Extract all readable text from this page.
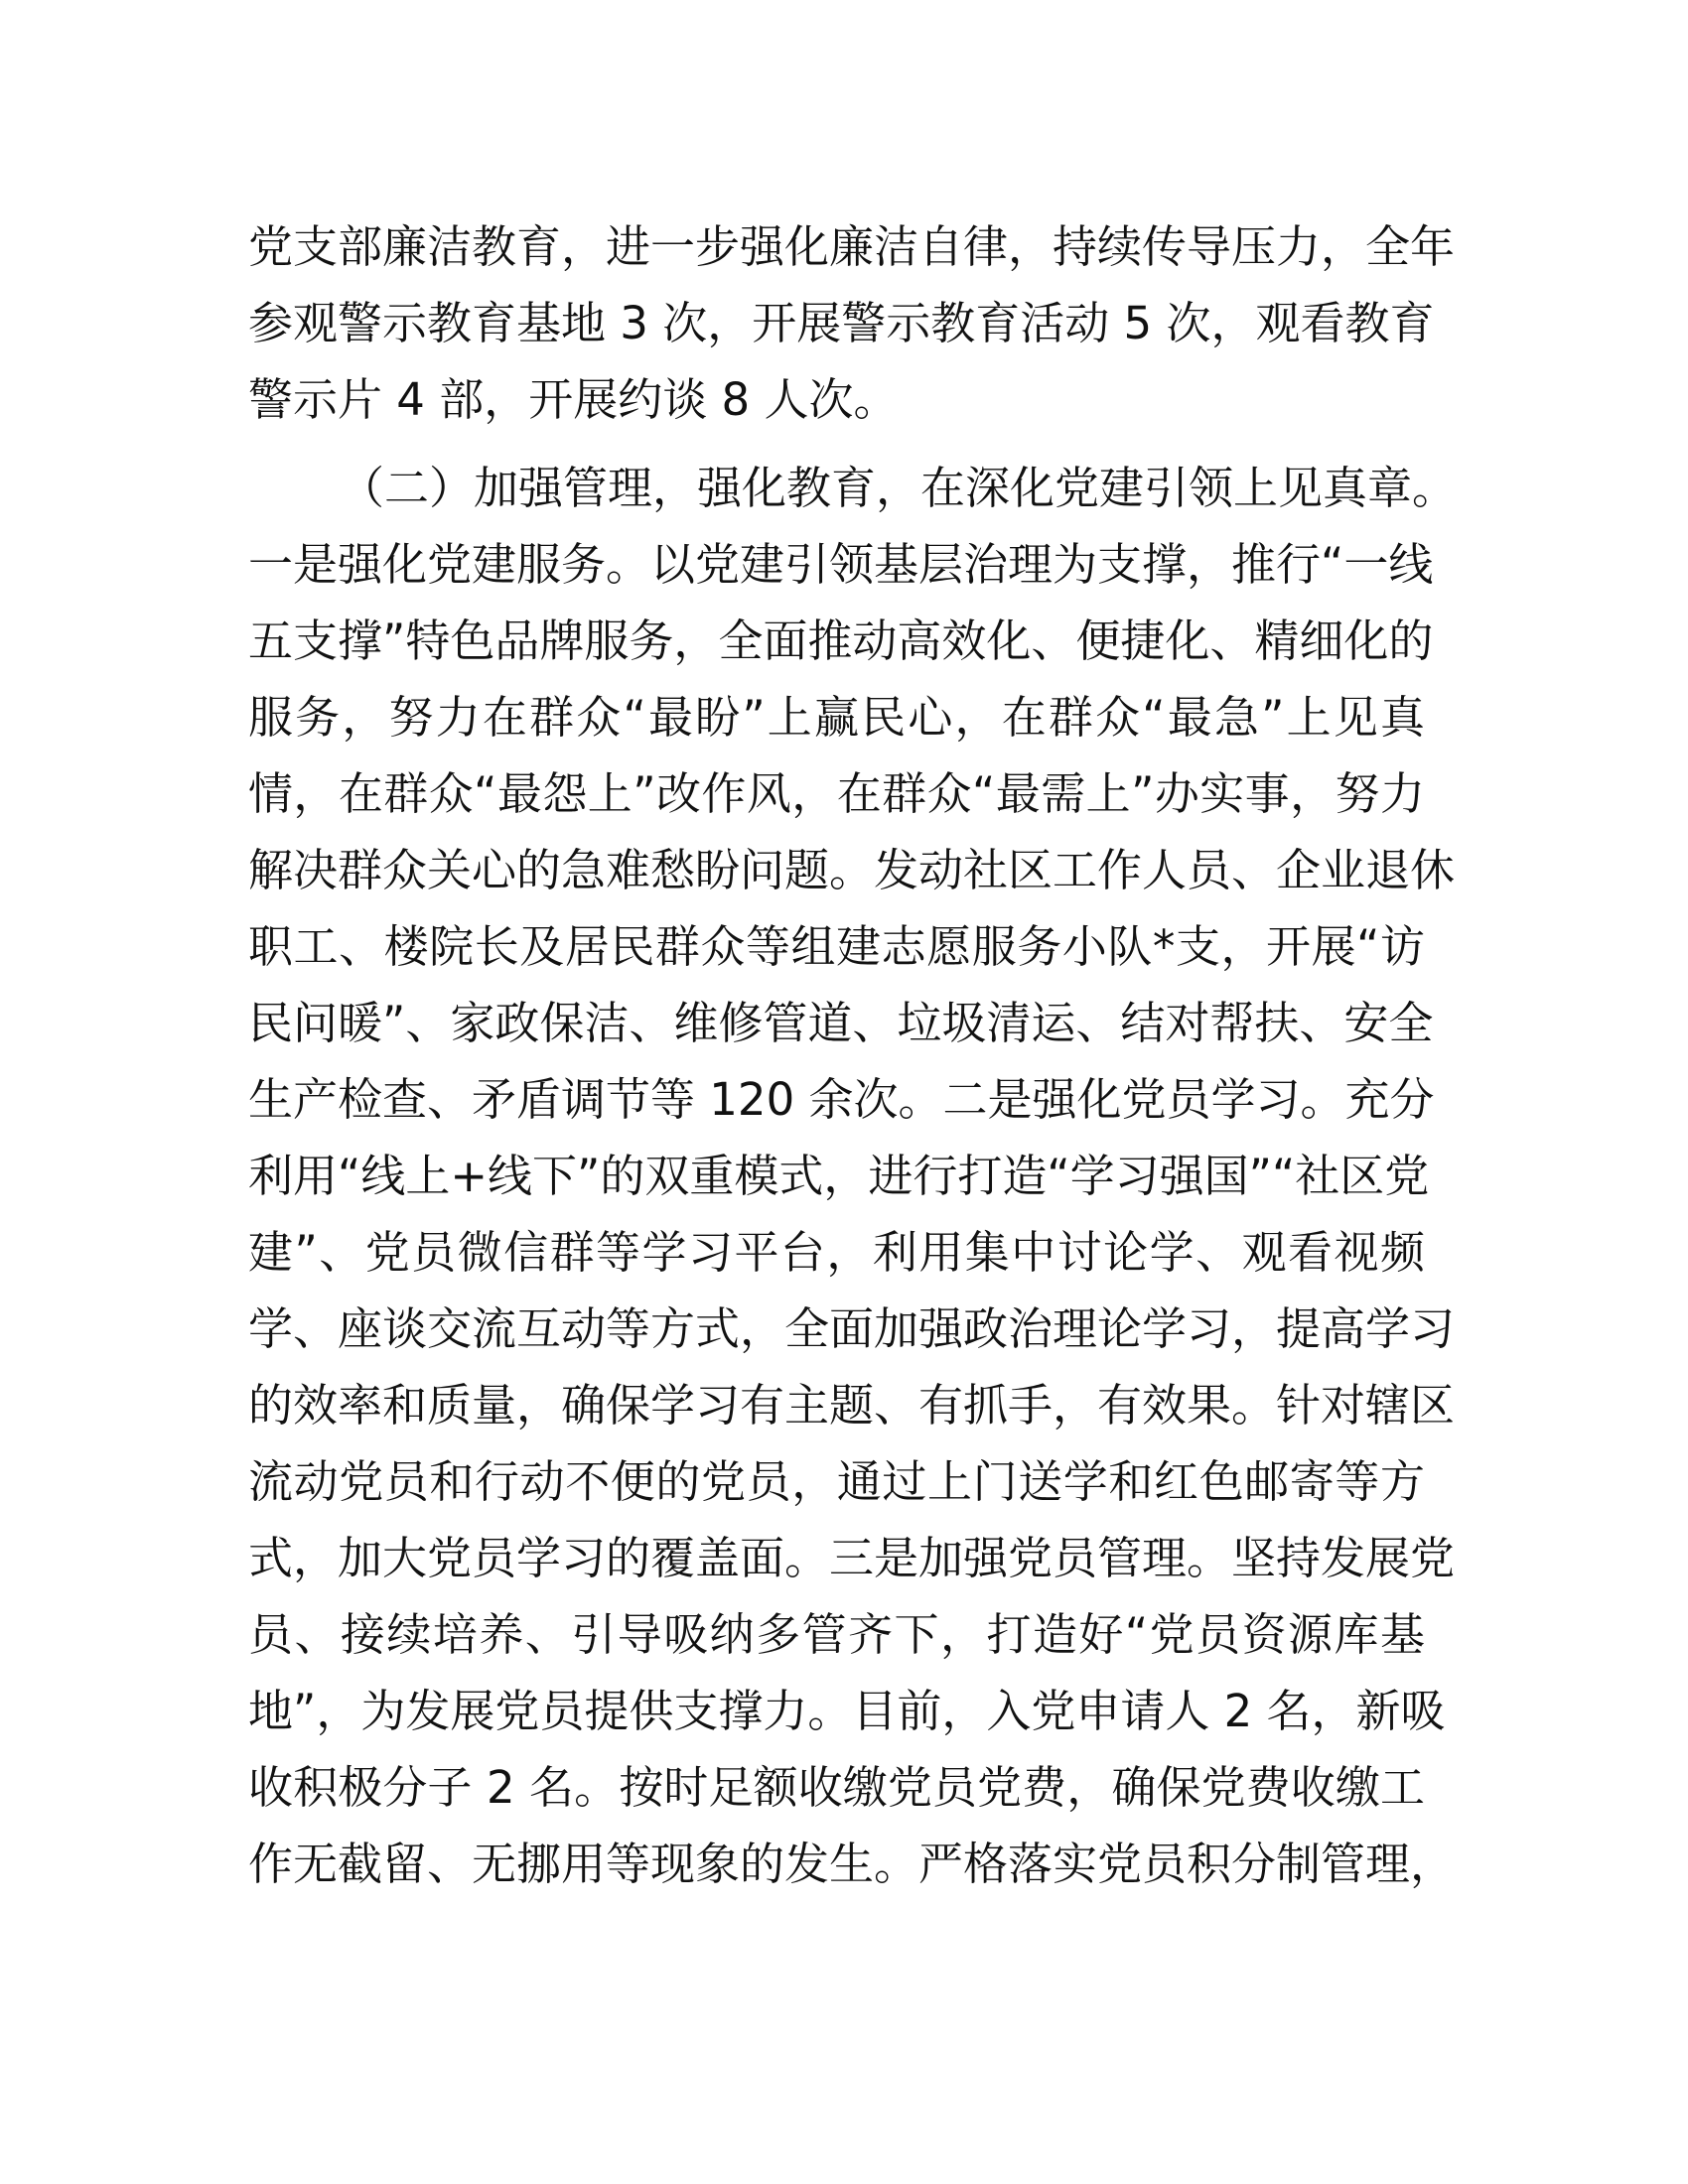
党支部廉洁教育，进一步强化廉洁自律，持续传导压力，全年
参观警示教育基地 3 次，开展警示教育活动 5 次，观看教育
警示片 4 部，开展约谈 8 人次。
（二）加强管理，强化教育，在深化党建引领上见真章。
一是强化党建服务。以党建引领基层治理为支撑，推行“一线
五支撑”特色品牌服务，全面推动高效化、便捷化、精细化的
服务，努力在群众“最盼”上赢民心，在群众“最急”上见真
情，在群众“最怨上”改作风，在群众“最需上”办实事，努力
解决群众关心的急难愁盼问题。发动社区工作人员、企业退休
职工、楼院长及居民群众等组建志愿服务小队*支，开展“访
民问暖”、家政保洁、维修管道、垃圾清运、结对帮扶、安全
生产检查、矛盾调节等 120 余次。二是强化党员学习。充分
利用“线上+线下”的双重模式，进行打造“学习强国”“社区党
建”、党员微信群等学习平台，利用集中讨论学、观看视频
学、座谈交流互动等方式，全面加强政治理论学习，提高学习
的效率和质量，确保学习有主题、有抓手，有效果。针对辖区
流动党员和行动不便的党员，通过上门送学和红色邮寄等方
式，加大党员学习的覆盖面。三是加强党员管理。坚持发展党
员、接续培养、引导吸纳多管齐下，打造好“党员资源库基
地”，为发展党员提供支撑力。目前，入党申请人 2 名，新吸
收积极分子 2 名。按时足额收缴党员党费，确保党费收缴工
作无截留、无挪用等现象的发生。严格落实党员积分制管理，
